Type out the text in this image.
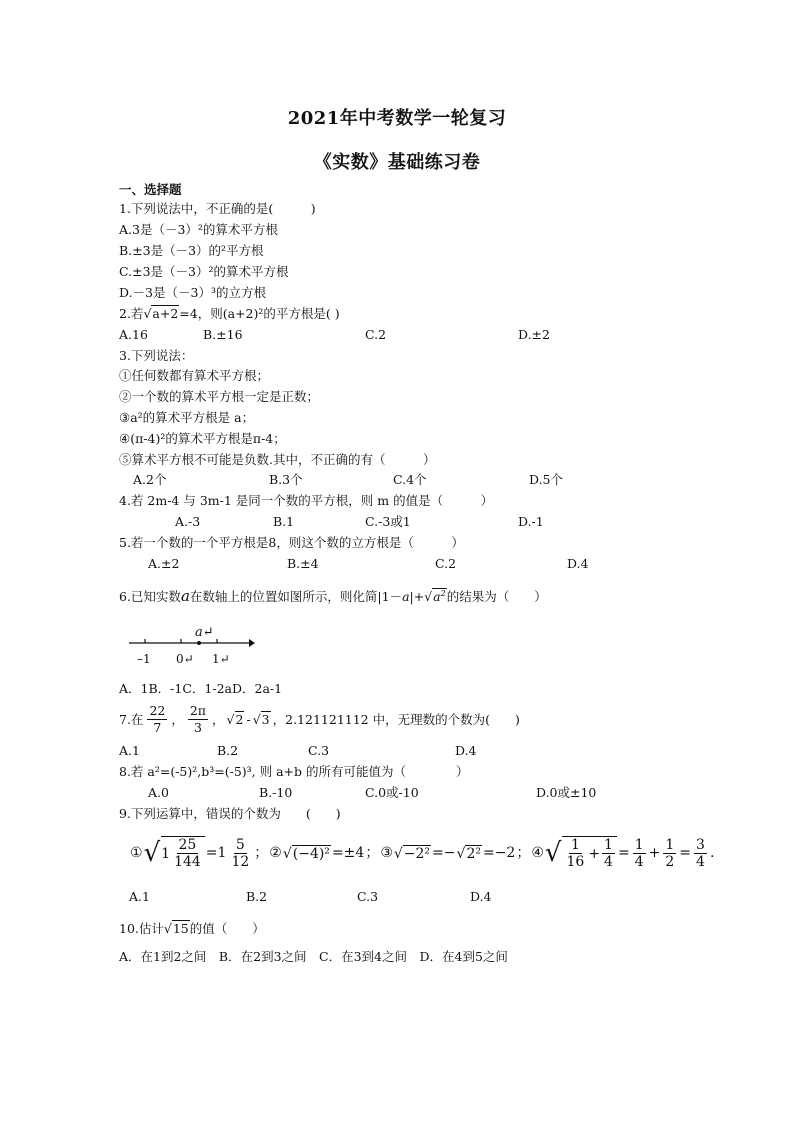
2021年中考数学一轮复习
《实数》基础练习卷
一、选择题
1.下列说法中，不正确的是(　　　)
A.3是（－3）²的算术平方根
B.±3是（－3）的²平方根
C.±3是（－3）²的算术平方根
D.－3是（－3）³的立方根
2.若√a+2=4，则(a+2)²的平方根是( )
A.16	B.±16	C.2	D.±2
3.下列说法：
①任何数都有算术平方根；
②一个数的算术平方根一定是正数；
③a²的算术平方根是 a；
④(π-4)²的算术平方根是π-4；
⑤算术平方根不可能是负数.其中，不正确的有（　　　）
A.2个	B.3个	C.4个	D.5个
4.若 2m-4 与 3m-1 是同一个数的平方根，则 m 的值是（　　　）
A.-3	B.1	C.-3或1	D.-1
5.若一个数的一个平方根是8，则这个数的立方根是（　　　）
A.±2	B.±4	C.2	D.4
6.已知实数a在数轴上的位置如图所示，则化简$|1-a|+√a^2$的结果为（　　）
a↵
–1 0↵ 1↵
A．1B．-1C．1-2aD．2a-1
7.在 $\frac{22}{7}$ ， $\frac{2\pi}{3}$ ， √2 - √3 ，2.121121112 中，无理数的个数为(　　)
A.1	B.2	C.3	D.4
8.若 a²=(-5)²,b³=(-5)³, 则 a+b 的所有可能值为（　　　　）
A.0	B.-10	C.0或-10	D.0或±10
9.下列运算中，错误的个数为　　(　　)
① √ $1 \frac{25}{144} =1 \frac{5}{12}$ ； ② √(−4)² =±4 ； ③ √−2² =− √2² =−2 ； ④ √ $\frac{1}{16} + \frac{1}{4} = \frac{1}{4} + \frac{1}{2} = \frac{3}{4}$ .
A.1	B.2	C.3	D.4
10.估计√15的值（　　）
A．在1到2之间　B．在2到3之间　C．在3到4之间　D．在4到5之间
